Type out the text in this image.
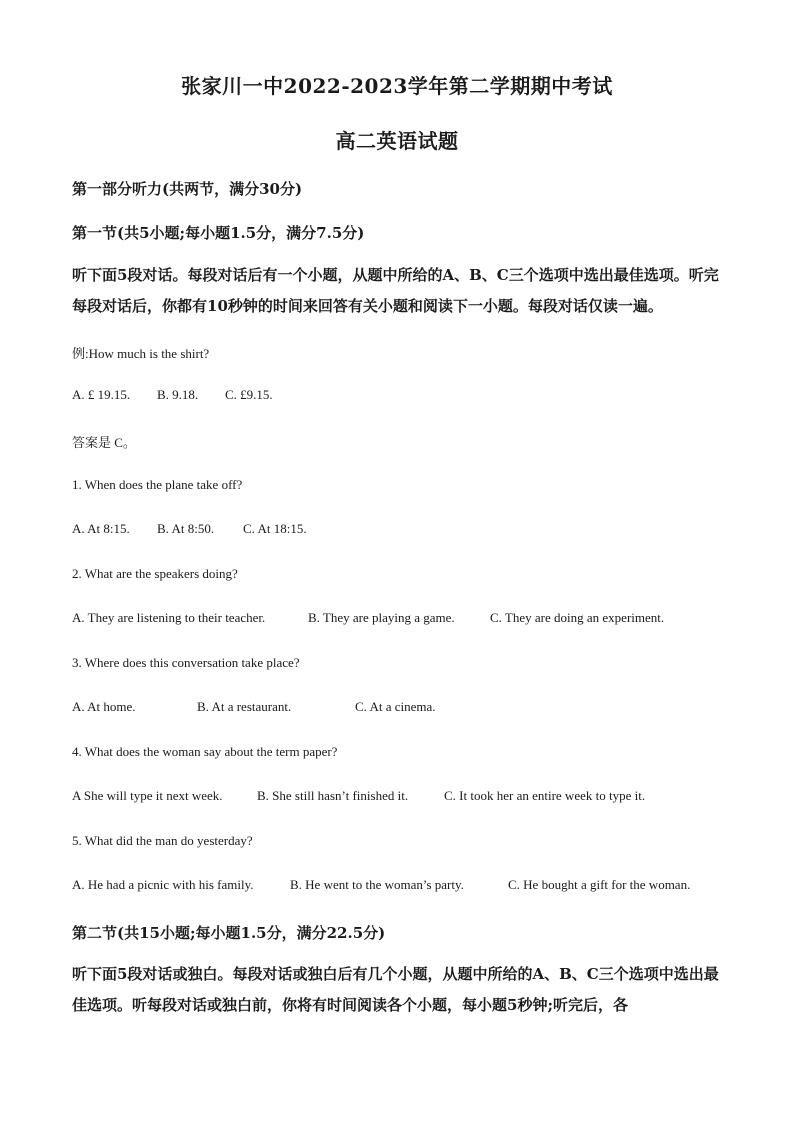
张家川一中2022-2023学年第二学期期中考试
高二英语试题
第一部分听力(共两节，满分30分)
第一节(共5小题;每小题1.5分，满分7.5分)
听下面5段对话。每段对话后有一个小题，从题中所给的A、B、C三个选项中选出最佳选项。听完每段对话后，你都有10秒钟的时间来回答有关小题和阅读下一小题。每段对话仅读一遍。
例:How much is the shirt?
A. £ 19.15. B. 9.18. C. £9.15.
答案是 C。
1. When does the plane take off?
A. At 8:15. B. At 8:50. C. At 18:15.
2. What are the speakers doing?
A. They are listening to their teacher.	B. They are playing a game.	C. They are doing an experiment.
3. Where does this conversation take place?
A. At home.	B. At a restaurant.	C. At a cinema.
4. What does the woman say about the term paper?
A She will type it next week.	B. She still hasn’t finished it.	C. It took her an entire week to type it.
5. What did the man do yesterday?
A. He had a picnic with his family.	B. He went to the woman’s party.	C. He bought a gift for the woman.
第二节(共15小题;每小题1.5分，满分22.5分)
听下面5段对话或独白。每段对话或独白后有几个小题，从题中所给的A、B、C三个选项中选出最佳选项。听每段对话或独白前，你将有时间阅读各个小题，每小题5秒钟;听完后，各
